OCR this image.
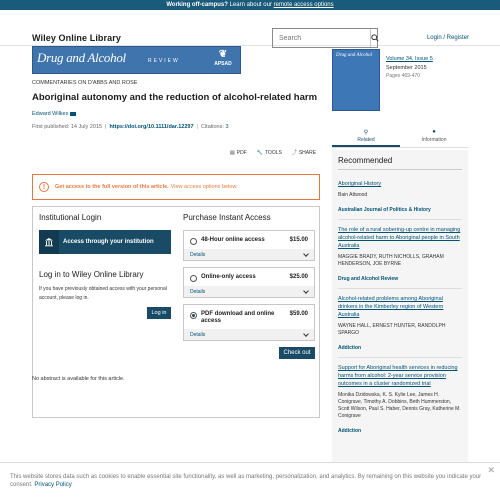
Working off-campus? Learn about our remote access options
Wiley Online Library
Search	Login / Register
Drug and Alcohol	REVIEW
❦
APSAD
COMMENTARIES ON D'ABBS AND ROSE
Aboriginal autonomy and the reduction of alcohol-related harm
Edward Wilkes
First published: 14 July 2015 | https://doi.org/10.1111/dar.12297 | Citations: 3
▤ PDF 🔧 TOOLS ⤴ SHARE
!	Get access to the full version of this article. View access options below.
Institutional Login
Access through your institution
Log in to Wiley Online Library
If you have previously obtained access with your personal account, please log in.
Log in
Purchase Instant Access
48-Hour online access	$15.00
Details
Online-only access	$25.00
Details
PDF download and online access
$59.00
Details
Check out
No abstract is available for this article.
Drug and Alcohol
Volume 34, Issue 5
September 2015
Pages 469-470
⚲
Related
●
Information
Recommended
Aboriginal History
Bain Attwood
Australian Journal of Politics & History
The role of a rural sobering-up centre in managing alcohol-related harm to Aboriginal people in South Australia
MAGGIE BRADY, RUTH NICHOLLS, GRAHAM HENDERSON, JOE BYRNE
Drug and Alcohol Review
Alcohol-related problems among Aboriginal drinkers in the Kimberley region of Western Australia
WAYNE HALL, ERNEST HUNTER, RANDOLPH SPARGO
Addiction
Support for Aboriginal health services in reducing harms from alcohol: 2-year service provision outcomes in a cluster randomized trial
Monika Dzidowska, K. S. Kylie Lee, James H. Conigrave, Timothy A. Dobbins, Beth Hummerston, Scott Wilson, Paul S. Haber, Dennis Gray, Katherine M. Conigrave
Addiction
This website stores data such as cookies to enable essential site functionality, as well as marketing, personalization, and analytics. By remaining on this website you indicate your consent. Privacy Policy
✕
